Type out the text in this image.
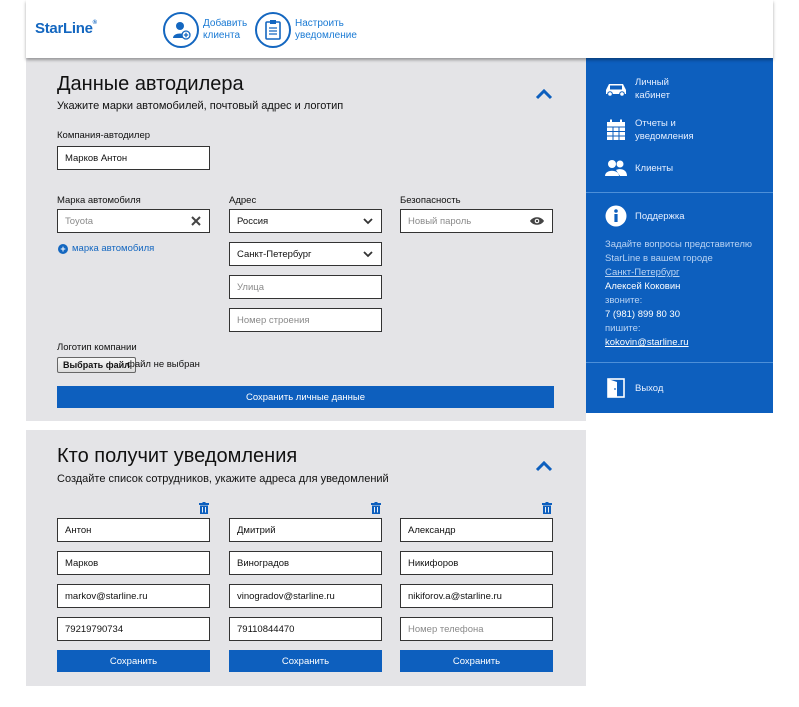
StarLine®	Добавить
клиента
Настроить
уведомление
Данные автодилера
Укажите марки автомобилей, почтовый адрес и логотип
Компания-автодилер
Марков Антон
Марка автомобиля
Toyota
+ марка автомобиля
Адрес
Россия
Санкт-Петербург
Улица
Номер строения
Безопасность
Новый пароль
Логотип компании
Выбрать файл
файл не выбран
Сохранить личные данные
Кто получит уведомления
Создайте список сотрудников, укажите адреса для уведомлений
Антон
Марков
markov@starline.ru
79219790734
Сохранить
Дмитрий
Виноградов
vinogradov@starline.ru
79110844470
Сохранить
Александр
Никифоров
nikiforov.a@starline.ru
Номер телефона
Сохранить
Личный
кабинет
Отчеты и
уведомления
Клиенты
Поддержка
Задайте вопросы представителю
StarLine в вашем городе
Санкт-Петербург
Алексей Коковин
звоните:
7 (981) 899 80 30
пишите:
kokovin@starline.ru
Выход
